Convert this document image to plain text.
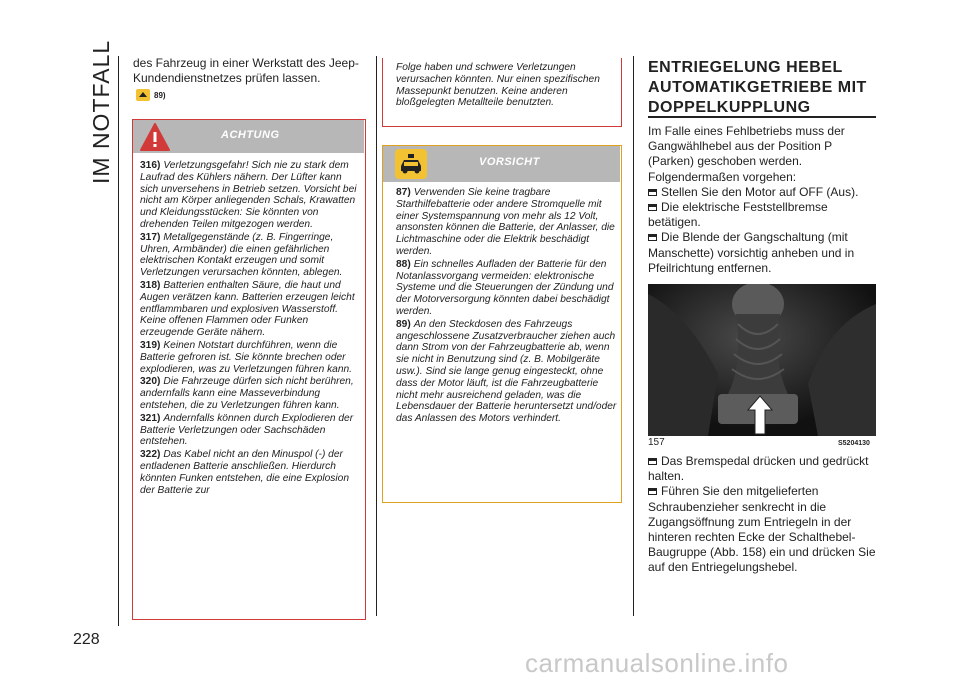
IM NOTFALL
228
des Fahrzeug in einer Werkstatt des Jeep-Kundendienstnetzes prüfen lassen.
89)
ACHTUNG

316) Verletzungsgefahr! Sich nie zu stark dem Laufrad des Kühlers nähern. Der Lüfter kann sich unversehens in Betrieb setzen. Vorsicht bei nicht am Körper anliegenden Schals, Krawatten und Kleidungsstücken: Sie könnten von drehenden Teilen mitgezogen werden.

317) Metallgegenstände (z. B. Fingerringe, Uhren, Armbänder) die einen gefährlichen elektrischen Kontakt erzeugen und somit Verletzungen verursachen könnten, ablegen.

318) Batterien enthalten Säure, die haut und Augen verätzen kann. Batterien erzeugen leicht entflammbaren und explosiven Wasserstoff. Keine offenen Flammen oder Funken erzeugende Geräte nähern.

319) Keinen Notstart durchführen, wenn die Batterie gefroren ist. Sie könnte brechen oder explodieren, was zu Verletzungen führen kann.

320) Die Fahrzeuge dürfen sich nicht berühren, andernfalls kann eine Masseverbindung entstehen, die zu Verletzungen führen kann.

321) Andernfalls können durch Explodieren der Batterie Verletzungen oder Sachschäden entstehen.

322) Das Kabel nicht an den Minuspol (-) der entladenen Batterie anschließen. Hierdurch könnten Funken entstehen, die eine Explosion der Batterie zur

Folge haben und schwere Verletzungen verursachen könnten. Nur einen spezifischen Massepunkt benutzen. Keine anderen bloßgelegten Metallteile benutzten.
VORSICHT

87) Verwenden Sie keine tragbare Starthilfebatterie oder andere Stromquelle mit einer Systemspannung von mehr als 12 Volt, ansonsten können die Batterie, der Anlasser, die Lichtmaschine oder die Elektrik beschädigt werden.

88) Ein schnelles Aufladen der Batterie für den Notanlassvorgang vermeiden: elektronische Systeme und die Steuerungen der Zündung und der Motorversorgung könnten dabei beschädigt werden.

89) An den Steckdosen des Fahrzeugs angeschlossene Zusatzverbraucher ziehen auch dann Strom von der Fahrzeugbatterie ab, wenn sie nicht in Benutzung sind (z. B. Mobilgeräte usw.). Sind sie lange genug eingesteckt, ohne dass der Motor läuft, ist die Fahrzeugbatterie nicht mehr ausreichend geladen, was die Lebensdauer der Batterie heruntersetzt und/oder das Anlassen des Motors verhindert.

ENTRIEGELUNG HEBEL AUTOMATIKGETRIEBE MIT DOPPELKUPPLUNG

Im Falle eines Fehlbetriebs muss der Gangwählhebel aus der Position P (Parken) geschoben werden. Folgendermaßen vorgehen:

Stellen Sie den Motor auf OFF (Aus).

Die elektrische Feststellbremse betätigen.

Die Blende der Gangschaltung (mit Manschette) vorsichtig anheben und in Pfeilrichtung entfernen.

157	S5204130

Das Bremspedal drücken und gedrückt halten.

Führen Sie den mitgelieferten Schraubenzieher senkrecht in die Zugangsöffnung zum Entriegeln in der hinteren rechten Ecke der Schalthebel-Baugruppe (Abb. 158) ein und drücken Sie auf den Entriegelungshebel.

carmanualsonline.info
